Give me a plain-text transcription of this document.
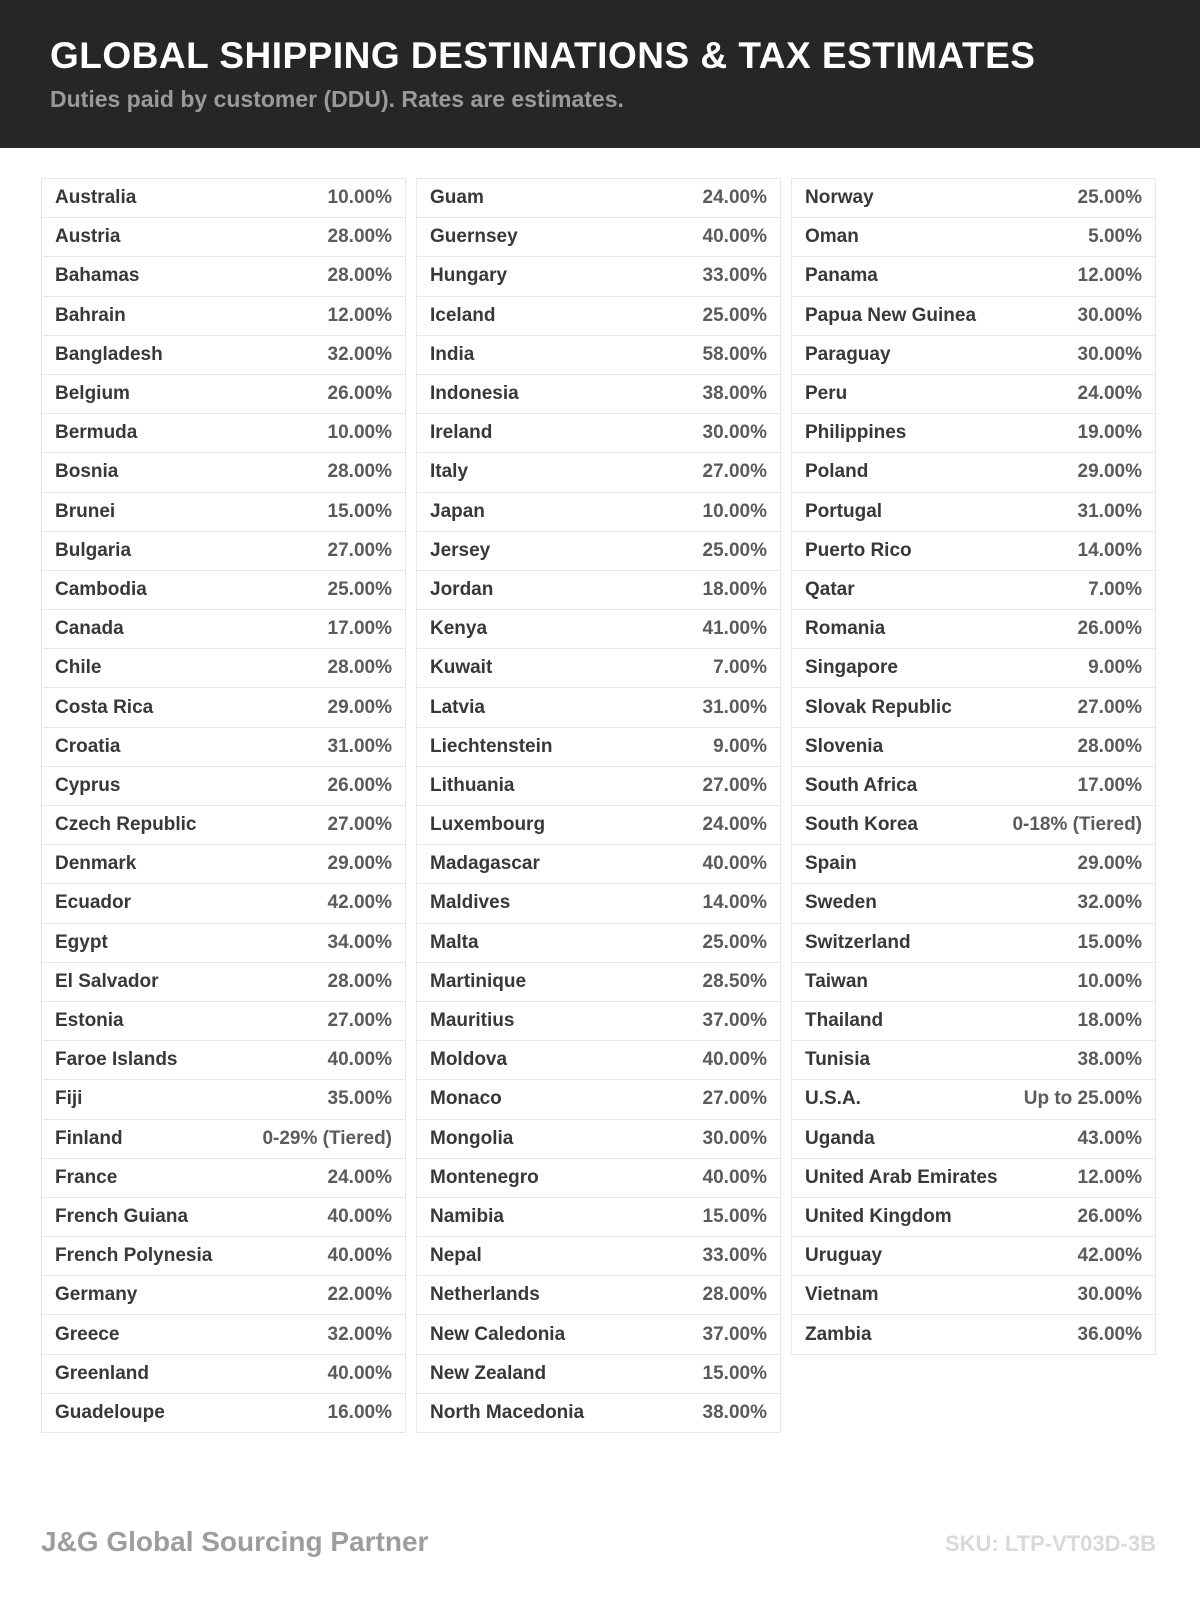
GLOBAL SHIPPING DESTINATIONS & TAX ESTIMATES
Duties paid by customer (DDU). Rates are estimates.
Australia	10.00%
Austria	28.00%
Bahamas	28.00%
Bahrain	12.00%
Bangladesh	32.00%
Belgium	26.00%
Bermuda	10.00%
Bosnia	28.00%
Brunei	15.00%
Bulgaria	27.00%
Cambodia	25.00%
Canada	17.00%
Chile	28.00%
Costa Rica	29.00%
Croatia	31.00%
Cyprus	26.00%
Czech Republic	27.00%
Denmark	29.00%
Ecuador	42.00%
Egypt	34.00%
El Salvador	28.00%
Estonia	27.00%
Faroe Islands	40.00%
Fiji	35.00%
Finland	0-29% (Tiered)
France	24.00%
French Guiana	40.00%
French Polynesia	40.00%
Germany	22.00%
Greece	32.00%
Greenland	40.00%
Guadeloupe	16.00%
Guam	24.00%
Guernsey	40.00%
Hungary	33.00%
Iceland	25.00%
India	58.00%
Indonesia	38.00%
Ireland	30.00%
Italy	27.00%
Japan	10.00%
Jersey	25.00%
Jordan	18.00%
Kenya	41.00%
Kuwait	7.00%
Latvia	31.00%
Liechtenstein	9.00%
Lithuania	27.00%
Luxembourg	24.00%
Madagascar	40.00%
Maldives	14.00%
Malta	25.00%
Martinique	28.50%
Mauritius	37.00%
Moldova	40.00%
Monaco	27.00%
Mongolia	30.00%
Montenegro	40.00%
Namibia	15.00%
Nepal	33.00%
Netherlands	28.00%
New Caledonia	37.00%
New Zealand	15.00%
North Macedonia	38.00%
Norway	25.00%
Oman	5.00%
Panama	12.00%
Papua New Guinea	30.00%
Paraguay	30.00%
Peru	24.00%
Philippines	19.00%
Poland	29.00%
Portugal	31.00%
Puerto Rico	14.00%
Qatar	7.00%
Romania	26.00%
Singapore	9.00%
Slovak Republic	27.00%
Slovenia	28.00%
South Africa	17.00%
South Korea	0-18% (Tiered)
Spain	29.00%
Sweden	32.00%
Switzerland	15.00%
Taiwan	10.00%
Thailand	18.00%
Tunisia	38.00%
U.S.A.	Up to 25.00%
Uganda	43.00%
United Arab Emirates	12.00%
United Kingdom	26.00%
Uruguay	42.00%
Vietnam	30.00%
Zambia	36.00%
J&G Global Sourcing Partner	SKU: LTP-VT03D-3B
